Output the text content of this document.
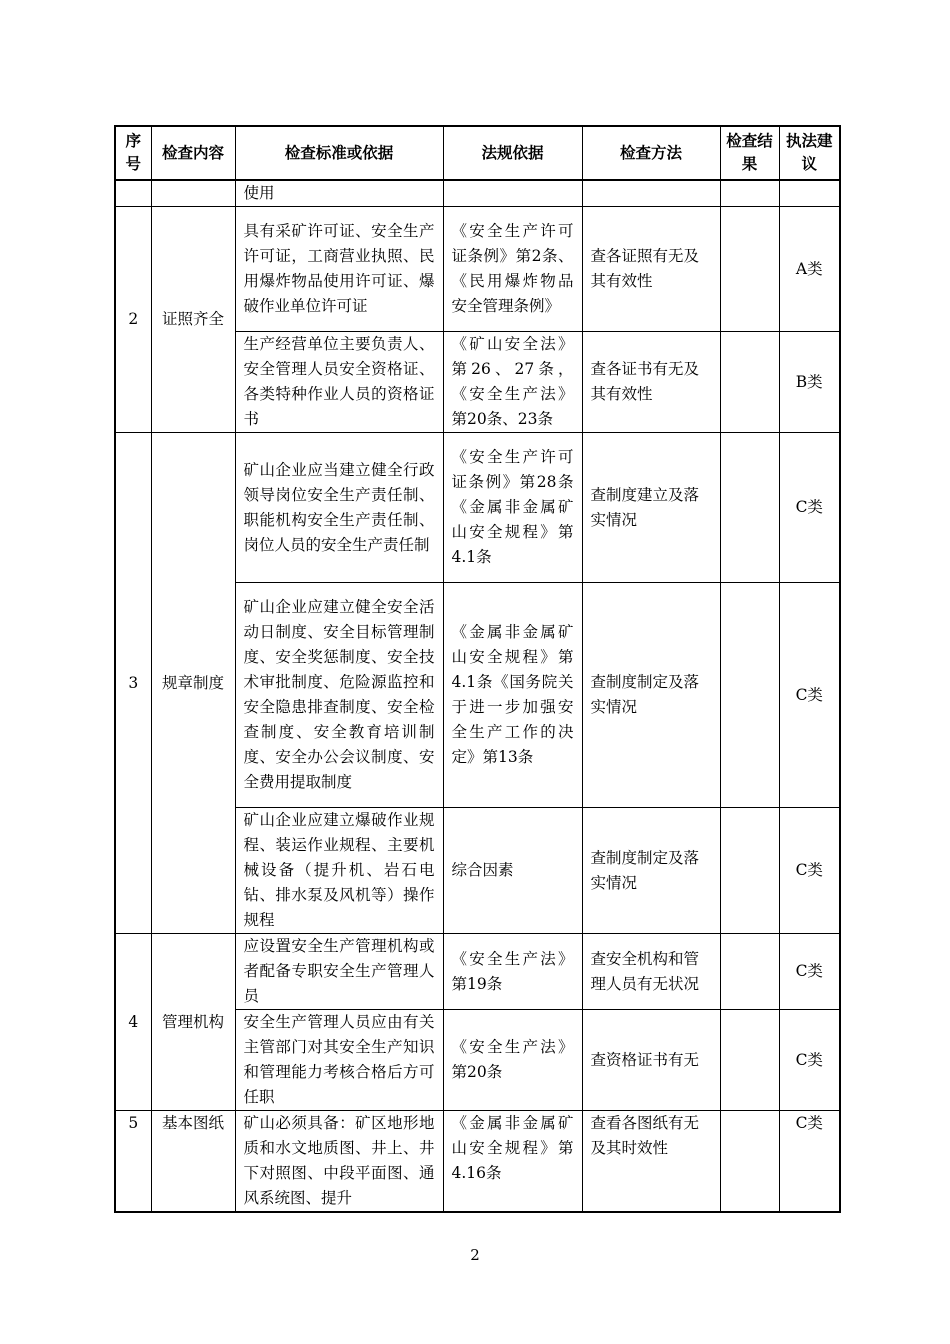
序号	检查内容	检查标准或依据	法规依据	检查方法	检查结果	执法建议
		使用				
2	证照齐全	具有采矿许可证、安全生产许可证，工商营业执照、民用爆炸物品使用许可证、爆破作业单位许可证	《安全生产许可证条例》第2条、《民用爆炸物品安全管理条例》	查各证照有无及其有效性		A类
		生产经营单位主要负责人、安全管理人员安全资格证、各类特种作业人员的资格证书	《矿山安全法》第26、27条，《安全生产法》第20条、23条	查各证书有无及其有效性		B类
3	规章制度	矿山企业应当建立健全行政领导岗位安全生产责任制、职能机构安全生产责任制、岗位人员的安全生产责任制	《安全生产许可证条例》第28条《金属非金属矿山安全规程》第4.1条	查制度建立及落实情况		C类
		矿山企业应建立健全安全活动日制度、安全目标管理制度、安全奖惩制度、安全技术审批制度、危险源监控和安全隐患排查制度、安全检查制度、安全教育培训制度、安全办公会议制度、安全费用提取制度	《金属非金属矿山安全规程》第4.1条《国务院关于进一步加强安全生产工作的决定》第13条	查制度制定及落实情况		C类
		矿山企业应建立爆破作业规程、装运作业规程、主要机械设备（提升机、岩石电钻、排水泵及风机等）操作规程	综合因素	查制度制定及落实情况		C类
4	管理机构	应设置安全生产管理机构或者配备专职安全生产管理人员	《安全生产法》第19条	查安全机构和管理人员有无状况		C类
		安全生产管理人员应由有关主管部门对其安全生产知识和管理能力考核合格后方可任职	《安全生产法》第20条	查资格证书有无		C类
5	基本图纸	矿山必须具备：矿区地形地质和水文地质图、井上、井下对照图、中段平面图、通风系统图、提升	《金属非金属矿山安全规程》第4.16条	查看各图纸有无及其时效性		C类
2
